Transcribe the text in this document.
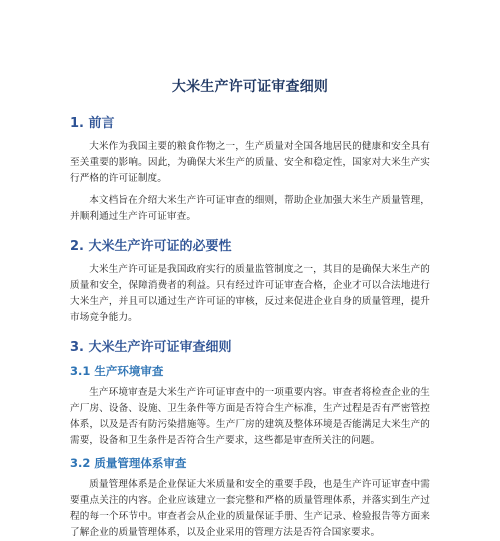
大米生产许可证审查细则
1. 前言

大米作为我国主要的粮食作物之一，生产质量对全国各地居民的健康和安全具有至关重要的影响。因此，为确保大米生产的质量、安全和稳定性，国家对大米生产实行严格的许可证制度。

本文档旨在介绍大米生产许可证审查的细则，帮助企业加强大米生产质量管理，并顺利通过生产许可证审查。

2. 大米生产许可证的必要性

大米生产许可证是我国政府实行的质量监管制度之一，其目的是确保大米生产的质量和安全，保障消费者的利益。只有经过许可证审查合格，企业才可以合法地进行大米生产，并且可以通过生产许可证的审核，反过来促进企业自身的质量管理，提升市场竞争能力。

3. 大米生产许可证审查细则
3.1 生产环境审查

生产环境审查是大米生产许可证审查中的一项重要内容。审查者将检查企业的生产厂房、设备、设施、卫生条件等方面是否符合生产标准，生产过程是否有严密管控体系，以及是否有防污染措施等。生产厂房的建筑及整体环境是否能满足大米生产的需要，设备和卫生条件是否符合生产要求，这些都是审查所关注的问题。

3.2 质量管理体系审查

质量管理体系是企业保证大米质量和安全的重要手段，也是生产许可证审查中需要重点关注的内容。企业应该建立一套完整和严格的质量管理体系，并落实到生产过程的每一个环节中。审查者会从企业的质量保证手册、生产记录、检验报告等方面来了解企业的质量管理体系，以及企业采用的管理方法是否符合国家要求。
